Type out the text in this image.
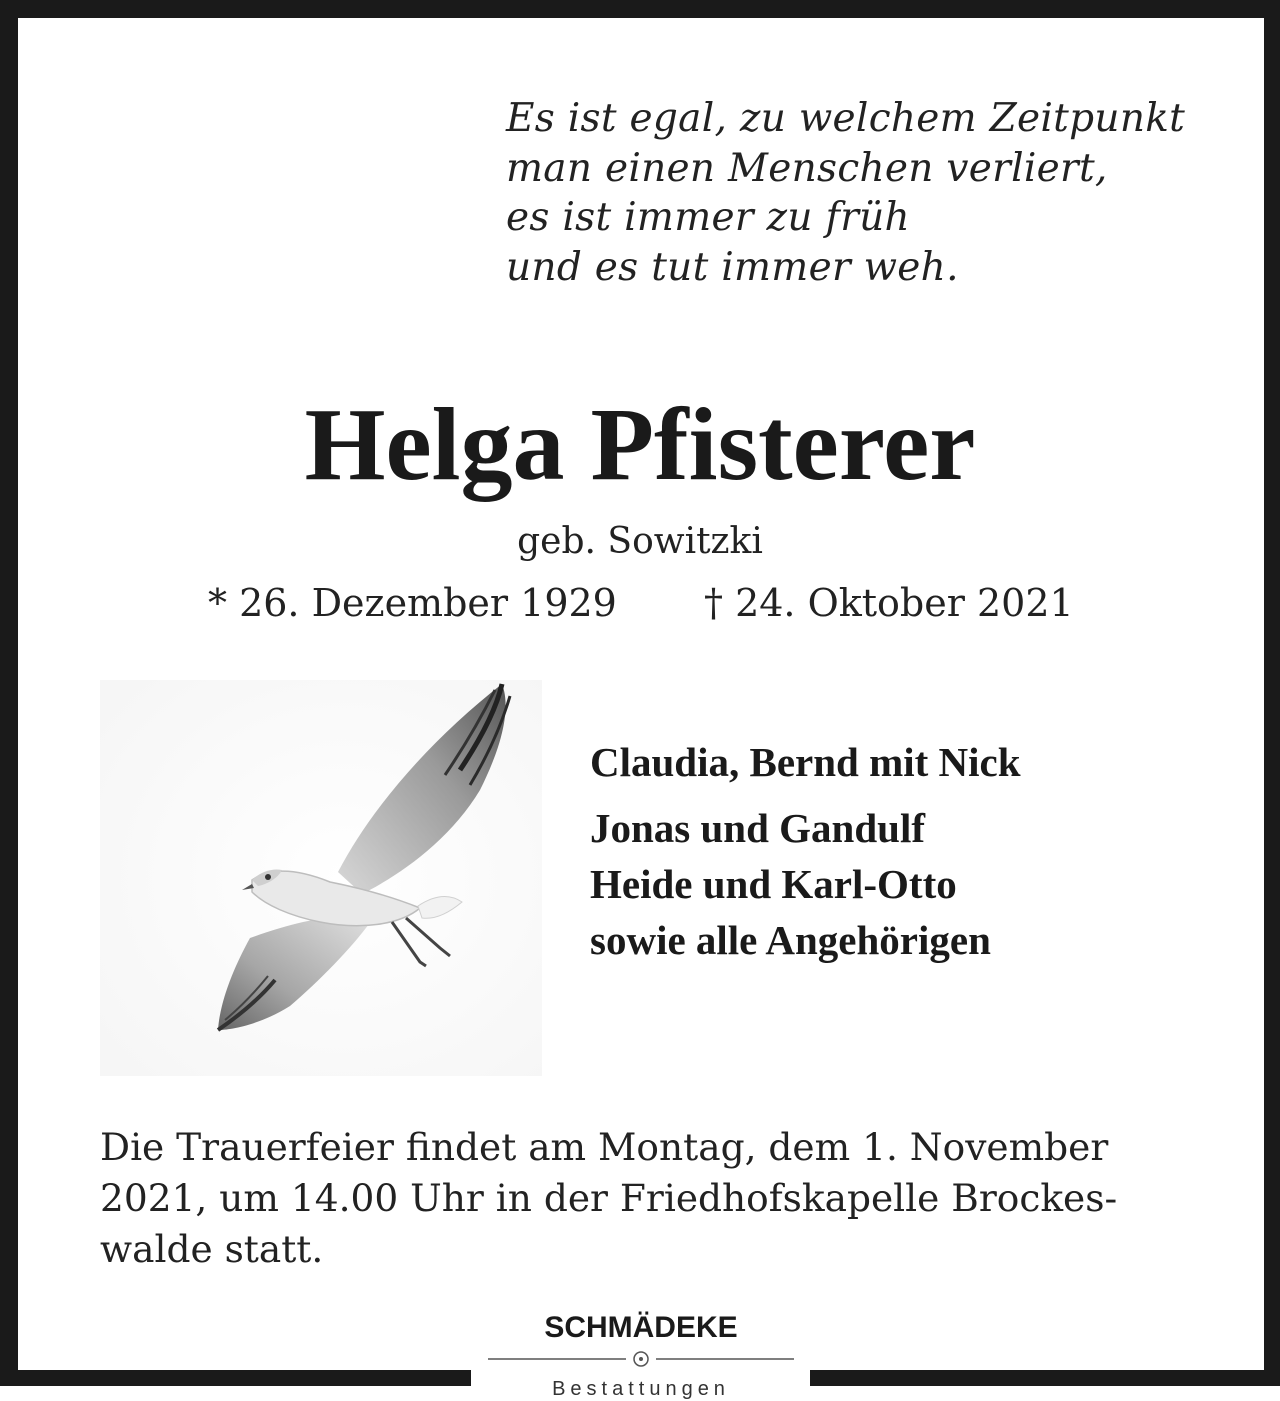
Es ist egal, zu welchem Zeitpunkt
man einen Menschen verliert,
es ist immer zu früh
und es tut immer weh.
Helga Pfisterer
geb. Sowitzki
* 26. Dezember 1929 † 24. Oktober 2021
Claudia, Bernd mit Nick
Jonas und Gandulf
Heide und Karl-Otto
sowie alle Angehörigen
Die Trauerfeier findet am Montag, dem 1. November 2021, um 14.00 Uhr in der Friedhofskapelle Brockes-walde statt.
SCHMÄDEKE
Bestattungen
